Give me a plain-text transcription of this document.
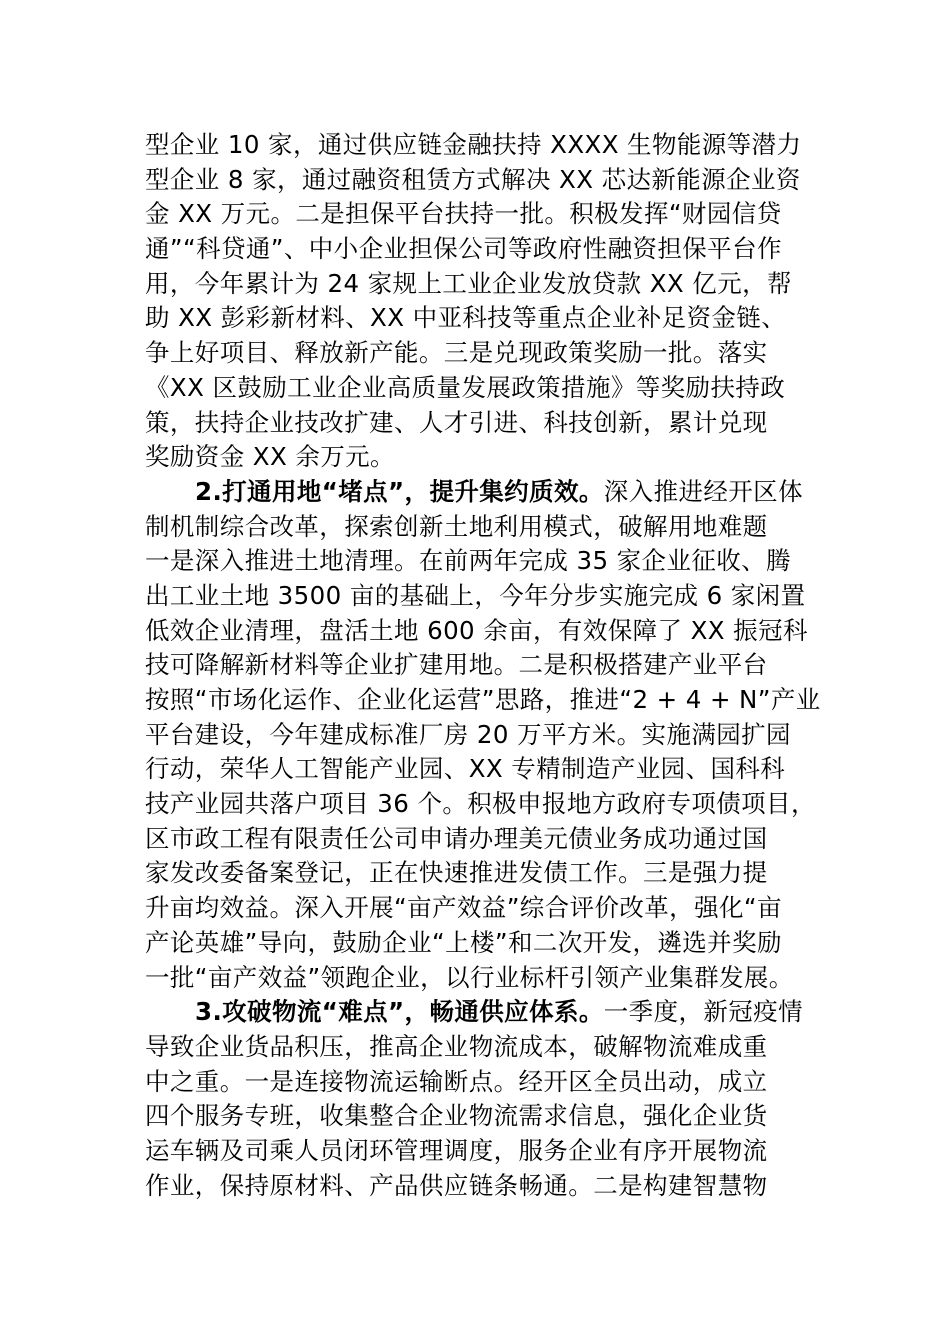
型企业 10 家，通过供应链金融扶持 XXXX 生物能源等潜力
型企业 8 家，通过融资租赁方式解决 XX 芯达新能源企业资
金 XX 万元。二是担保平台扶持一批。积极发挥“财园信贷
通”“科贷通”、中小企业担保公司等政府性融资担保平台作
用，今年累计为 24 家规上工业企业发放贷款 XX 亿元，帮
助 XX 彭彩新材料、XX 中亚科技等重点企业补足资金链、
争上好项目、释放新产能。三是兑现政策奖励一批。落实
《XX 区鼓励工业企业高质量发展政策措施》等奖励扶持政
策，扶持企业技改扩建、人才引进、科技创新，累计兑现
奖励资金 XX 余万元。
2.打通用地“堵点”，提升集约质效。深入推进经开区体
制机制综合改革，探索创新土地利用模式，破解用地难题
一是深入推进土地清理。在前两年完成 35 家企业征收、腾
出工业土地 3500 亩的基础上，今年分步实施完成 6 家闲置
低效企业清理，盘活土地 600 余亩，有效保障了 XX 振冠科
技可降解新材料等企业扩建用地。二是积极搭建产业平台
按照“市场化运作、企业化运营”思路，推进“2 + 4 + N”产业
平台建设，今年建成标准厂房 20 万平方米。实施满园扩园
行动，荣华人工智能产业园、XX 专精制造产业园、国科科
技产业园共落户项目 36 个。积极申报地方政府专项债项目，
区市政工程有限责任公司申请办理美元债业务成功通过国
家发改委备案登记，正在快速推进发债工作。三是强力提
升亩均效益。深入开展“亩产效益”综合评价改革，强化“亩
产论英雄”导向，鼓励企业“上楼”和二次开发，遴选并奖励
一批“亩产效益”领跑企业，以行业标杆引领产业集群发展。
3.攻破物流“难点”，畅通供应体系。一季度，新冠疫情
导致企业货品积压，推高企业物流成本，破解物流难成重
中之重。一是连接物流运输断点。经开区全员出动，成立
四个服务专班，收集整合企业物流需求信息，强化企业货
运车辆及司乘人员闭环管理调度，服务企业有序开展物流
作业，保持原材料、产品供应链条畅通。二是构建智慧物
